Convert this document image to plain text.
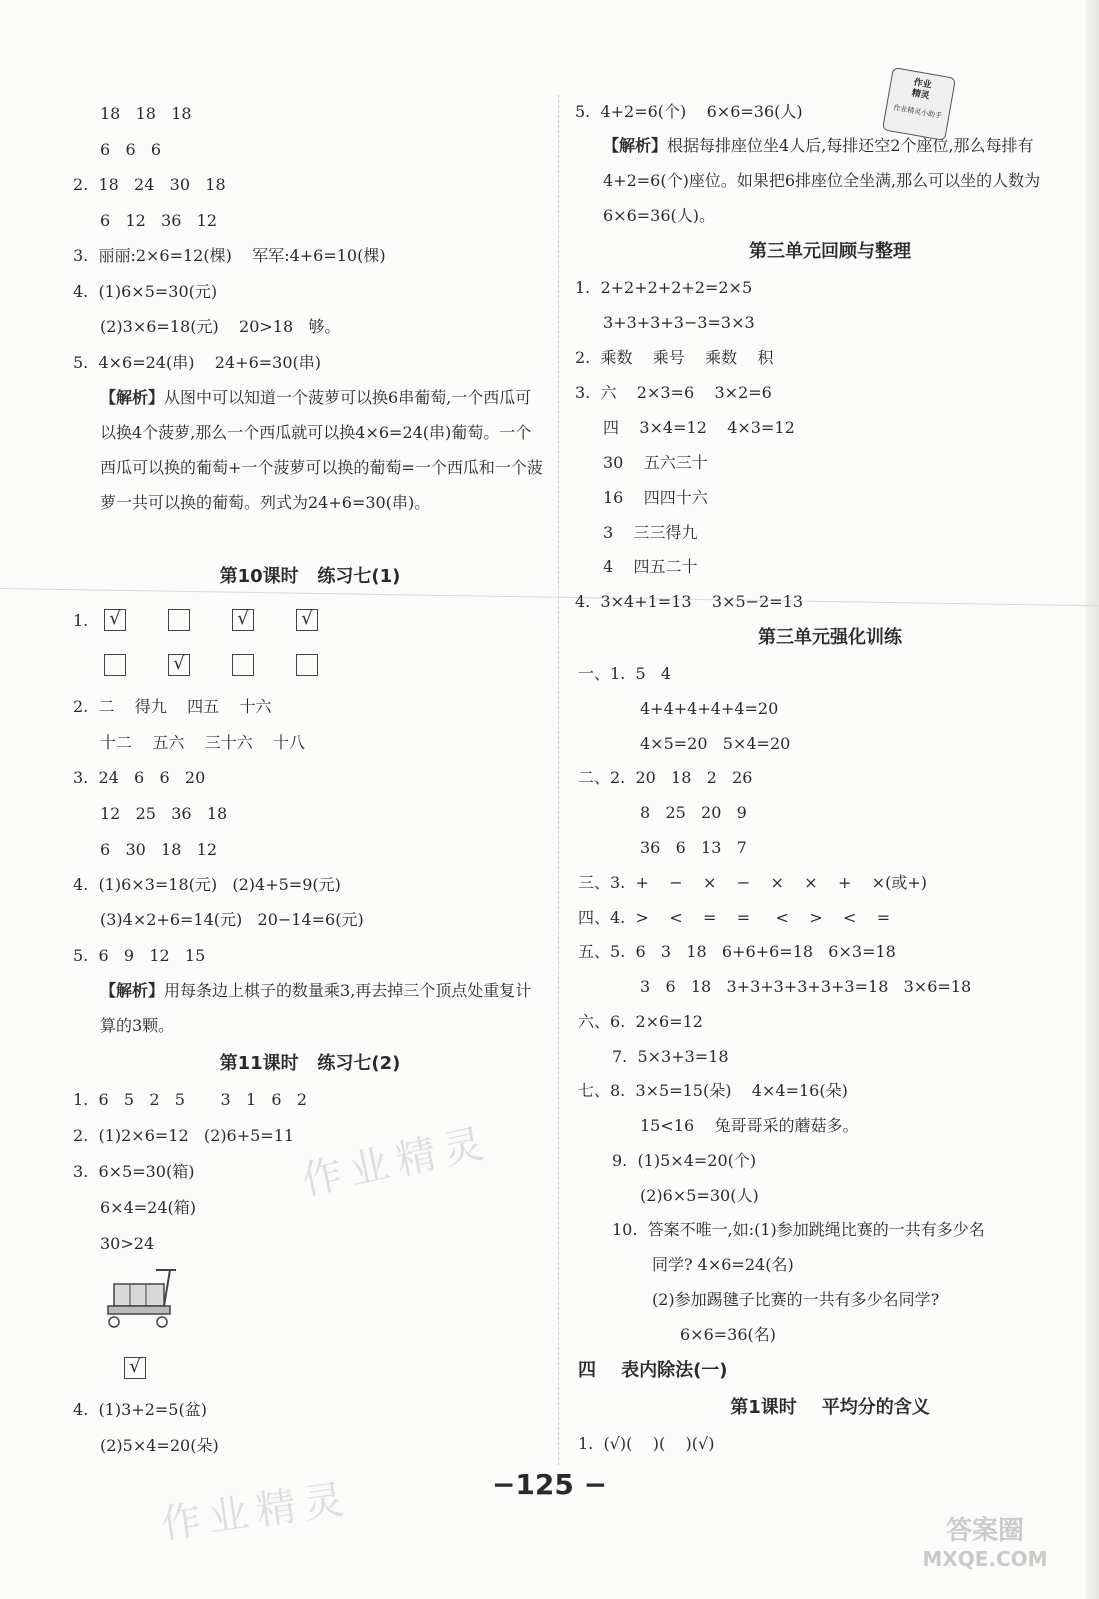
18   18   18
6   6   6
2.  18   24   30   18
6   12   36   12
3.  丽丽:2×6=12(棵)    军军:4+6=10(棵)
4.  (1)6×5=30(元)
(2)3×6=18(元)    20>18   够。
5.  4×6=24(串)    24+6=30(串)
【解析】从图中可以知道一个菠萝可以换6串葡萄,一个西瓜可以换4个菠萝,那么一个西瓜就可以换4×6=24(串)葡萄。一个西瓜可以换的葡萄+一个菠萝可以换的葡萄=一个西瓜和一个菠萝一共可以换的葡萄。列式为24+6=30(串)。
第10课时   练习七(1)
1. √	√	√
√
2.  二    得九    四五    十六
十二    五六    三十六    十八
3.  24   6   6   20
12   25   36   18
6   30   18   12
4.  (1)6×3=18(元)   (2)4+5=9(元)
(3)4×2+6=14(元)   20−14=6(元)
5.  6   9   12   15
【解析】用每条边上棋子的数量乘3,再去掉三个顶点处重复计算的3颗。
第11课时   练习七(2)
1.  6   5   2   5       3   1   6   2
2.  (1)2×6=12   (2)6+5=11
3.  6×5=30(箱)
6×4=24(箱)
30>24
√
4.  (1)3+2=5(盆)
(2)5×4=20(朵)
作业精灵
作业精灵
5.  4+2=6(个)    6×6=36(人)
【解析】根据每排座位坐4人后,每排还空2个座位,那么每排有4+2=6(个)座位。如果把6排座位全坐满,那么可以坐的人数为6×6=36(人)。
第三单元回顾与整理
1.  2+2+2+2+2=2×5
3+3+3+3−3=3×3
2.  乘数    乘号    乘数    积
3.  六    2×3=6    3×2=6
四    3×4=12    4×3=12
30    五六三十
16    四四十六
3    三三得九
4    四五二十
4.  3×4+1=13    3×5−2=13
第三单元强化训练
一、1.  5   4
4+4+4+4+4=20
4×5=20   5×4=20
二、2.  20   18   2   26
8   25   20   9
36   6   13   7
三、3.  +    −    ×    −    ×    ×    +    ×(或+)
四、4.  >    <    =    =     <    >    <    =
五、5.  6   3   18   6+6+6=18   6×3=18
3   6   18   3+3+3+3+3+3=18   3×6=18
六、6.  2×6=12
7.  5×3+3=18
七、8.  3×5=15(朵)    4×4=16(朵)
15<16    兔哥哥采的蘑菇多。
9.  (1)5×4=20(个)
(2)6×5=30(人)
10.  答案不唯一,如:(1)参加跳绳比赛的一共有多少名
同学? 4×6=24(名)
(2)参加踢毽子比赛的一共有多少名同学?
6×6=36(名)
四    表内除法(一)
第1课时    平均分的含义
1.  (√)(    )(    )(√)
作业
精灵
作业精灵小助手
−125 −
答案圈
MXQE.COM
